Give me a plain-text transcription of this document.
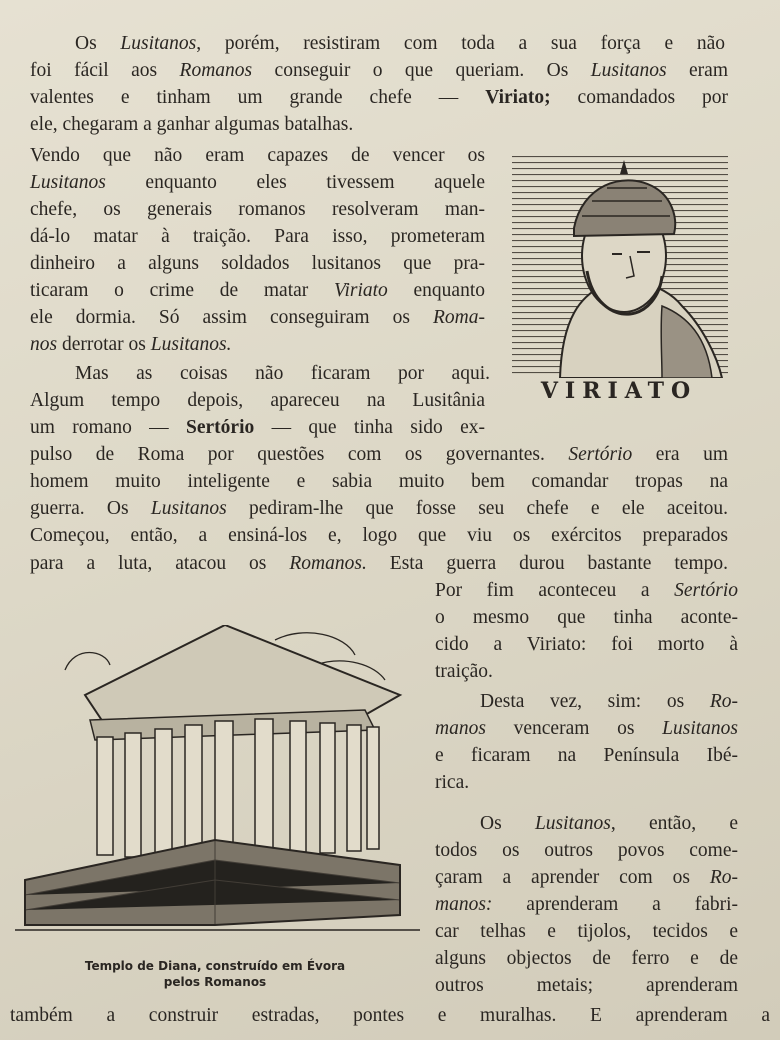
Os Lusitanos, porém, resistiram com toda a sua força e não
foi fácil aos Romanos conseguir o que queriam. Os Lusitanos eram
valentes e tinham um grande chefe — Viriato; comandados por
ele, chegaram a ganhar algumas batalhas.
Vendo que não eram capazes de vencer os
Lusitanos enquanto eles tivessem aquele
chefe, os generais romanos resolveram man-
dá-lo matar à traição. Para isso, prometeram
dinheiro a alguns soldados lusitanos que pra-
ticaram o crime de matar Viriato enquanto
ele dormia. Só assim conseguiram os Roma-
nos derrotar os Lusitanos.
Mas as coisas não ficaram por aqui.
Algum tempo depois, apareceu na Lusitânia
um romano — Sertório — que tinha sido ex-
pulso de Roma por questões com os governantes. Sertório era um
homem muito inteligente e sabia muito bem comandar tropas na
guerra. Os Lusitanos pediram-lhe que fosse seu chefe e ele aceitou.
Começou, então, a ensiná-los e, logo que viu os exércitos preparados
para a luta, atacou os Romanos. Esta guerra durou bastante tempo.
Por fim aconteceu a Sertório
o mesmo que tinha aconte-
cido a Viriato: foi morto à
traição.
Desta vez, sim: os Ro-
manos venceram os Lusitanos
e ficaram na Península Ibé-
rica.
Os Lusitanos, então, e
todos os outros povos come-
çaram a aprender com os Ro-
manos: aprenderam a fabri-
car telhas e tijolos, tecidos e
alguns objectos de ferro e de
outros metais; aprenderam
também a construir estradas, pontes e muralhas. E aprenderam a
VIRIATO
Templo de Diana, construído em Évora
pelos Romanos
